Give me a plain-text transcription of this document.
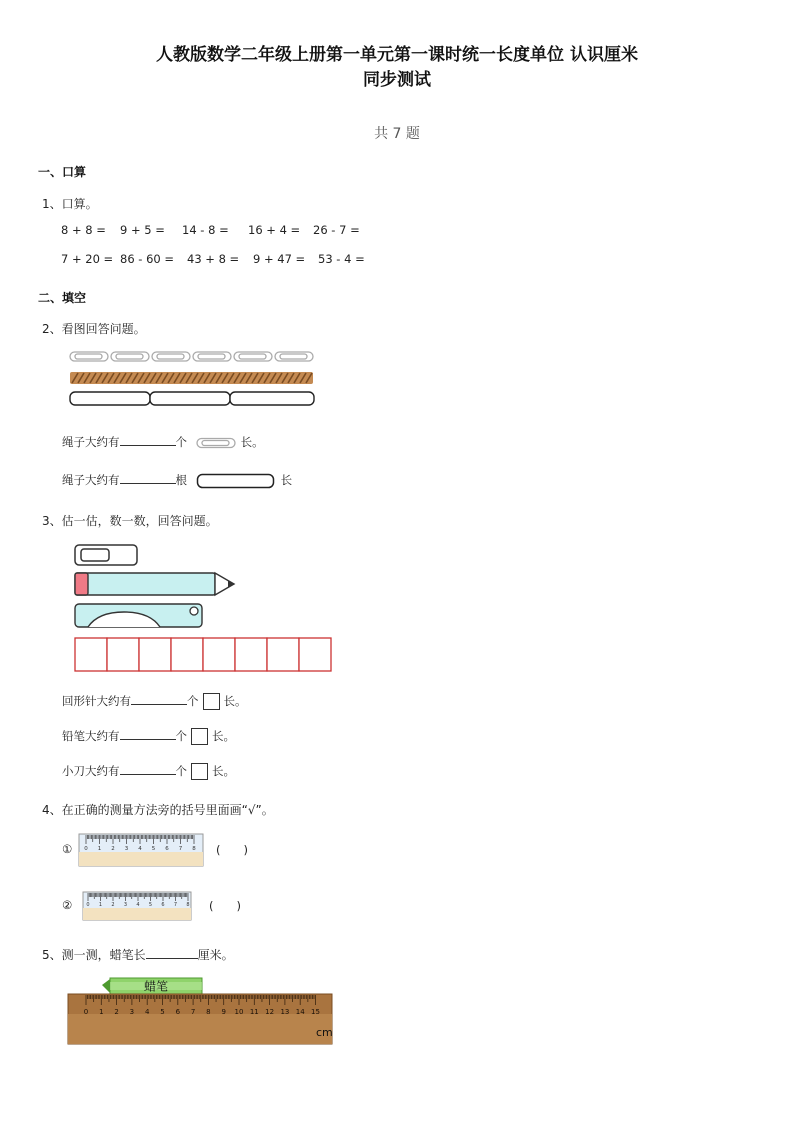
人教版数学二年级上册第一单元第一课时统一长度单位 认识厘米
同步测试
共 7 题
一、口算
1、口算。
8 + 8 = 9 + 5 = 14 - 8 = 16 + 4 = 26 - 7 =
7 + 20 = 86 - 60 = 43 + 8 = 9 + 47 = 53 - 4 =
二、填空
2、看图回答问题。
绳子大约有	个	长。
绳子大约有	根	长
3、估一估，数一数，回答问题。
回形针大约有	个 长。
铅笔大约有	个 长。
小刀大约有	个 长。
4、在正确的测量方法旁的括号里面画“√”。
① 0 1 2 3 4 5 6 7 8 (　　)
②	0 1 2 3 4 5 6 7 8 (　　)
5、测一测，蜡笔长	厘米。
蜡笔
0 1 2 3 4 5 6 7 8 9 10 11 12 13 14 15
cm
